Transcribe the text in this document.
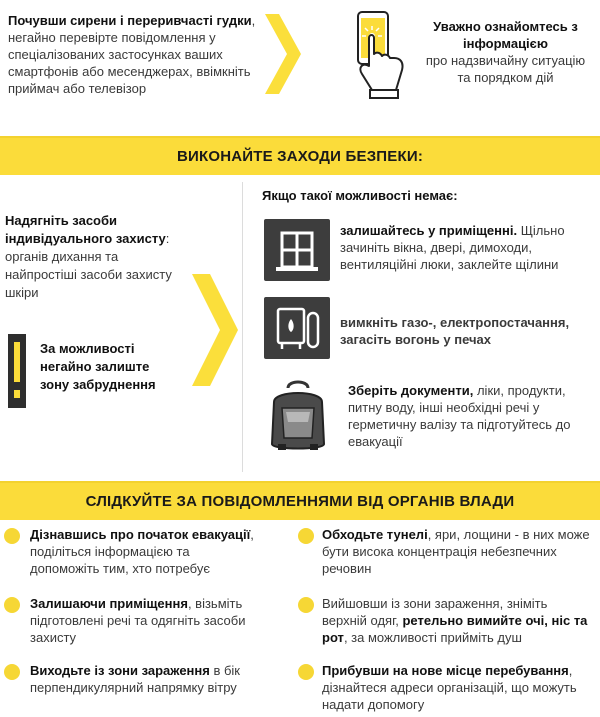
Почувши сирени і переривчасті гудки, негайно перевірте повідомлення у спеціалізованих застосунках ваших смартфонів або месенджерах, ввімкніть приймач або телевізор
Уважно ознайомтесь з інформацією
про надзвичайну ситуацію та порядком дій
ВИКОНАЙТЕ ЗАХОДИ БЕЗПЕКИ:
Надягніть засоби індивідуального захисту: органів дихання та найпростіші засоби захисту шкіри
За можливості негайно залиште зону забруднення
Якщо такої можливості немає:
залишайтесь у приміщенні. Щільно зачиніть вікна, двері, димоходи, вентиляційні люки, заклейте щілини
вимкніть газо-, електропостачання, загасіть вогонь у печах
Зберіть документи, ліки, продукти, питну воду, інші необхідні речі у герметичну валізу та підготуйтесь до евакуації
СЛІДКУЙТЕ ЗА ПОВІДОМЛЕННЯМИ ВІД ОРГАНІВ ВЛАДИ
Дізнавшись про початок евакуації, поділіться інформацією та допоможіть тим, хто потребує
Залишаючи приміщення, візьміть підготовлені речі та одягніть засоби захисту
Виходьте із зони зараження в бік перпендикулярний напрямку вітру
Обходьте тунелі, яри, лощини - в них може бути висока концентрація небезпечних речовин
Вийшовши із зони зараження, зніміть верхній одяг, ретельно вимийте очі, ніс та рот, за можливості прийміть душ
Прибувши на нове місце перебування, дізнайтеся адреси організацій, що можуть надати допомогу
